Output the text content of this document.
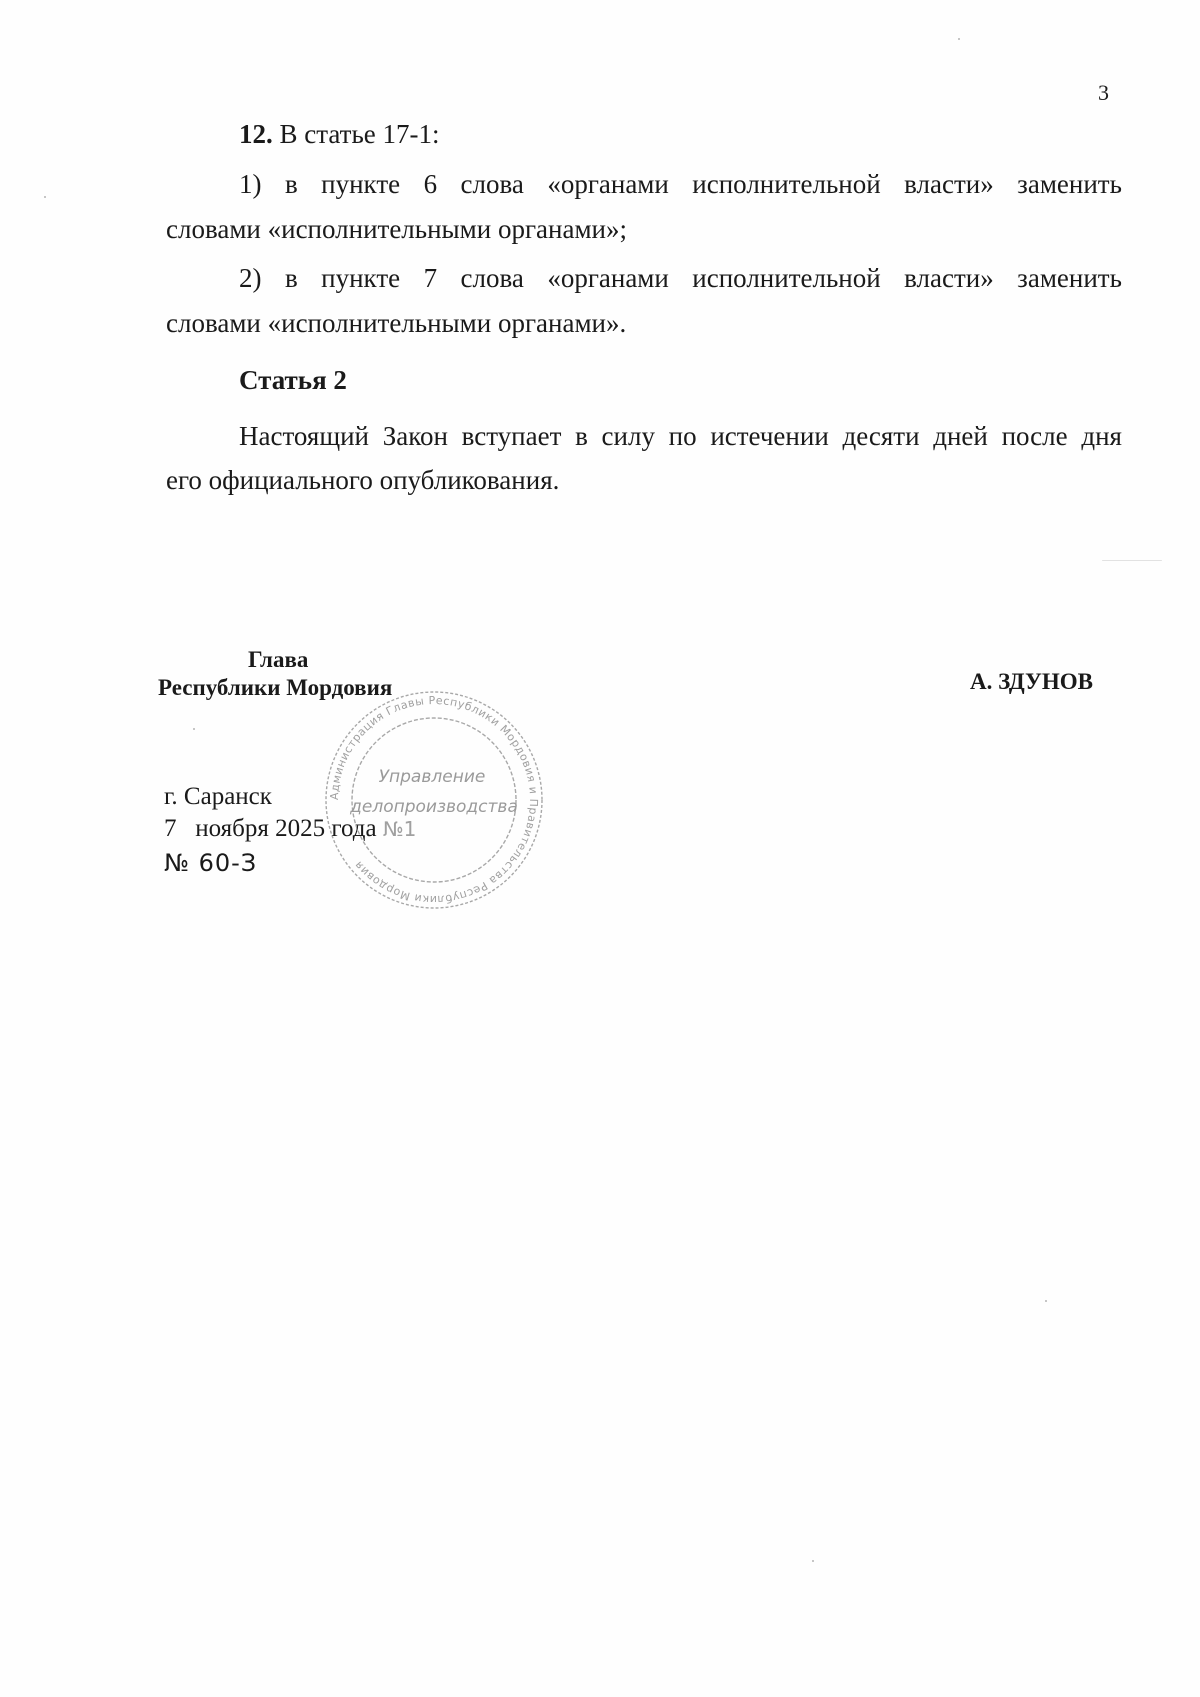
3
12. В статье 17-1:
1) в пункте 6 слова «органами исполнительной власти» заменить
словами «исполнительными органами»;
2) в пункте 7 слова «органами исполнительной власти» заменить
словами «исполнительными органами».
Статья 2
Настоящий Закон вступает в силу по истечении десяти дней после дня
его официального опубликования.
Администрация Главы Республики Мордовия и Правительства Республики Мордовия
Управление
делопроизводства
Глава
Республики Мордовия	А. ЗДУНОВ
г. Саранск
7   ноября 2025 года №1
№ 60-З
